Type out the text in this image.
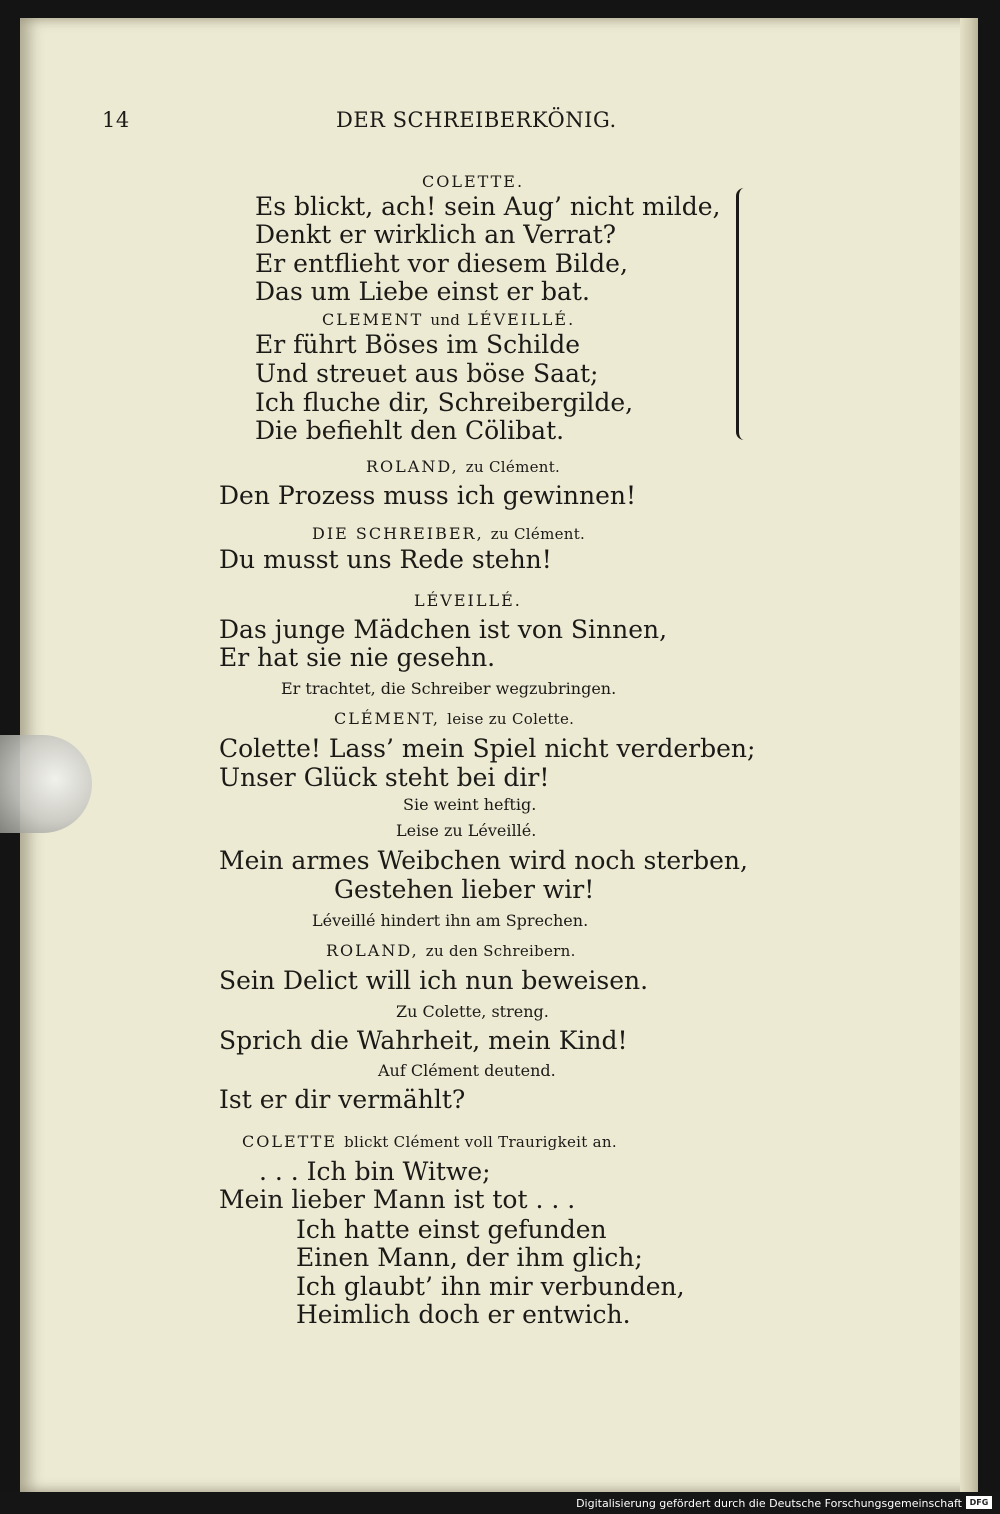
14	DER SCHREIBERKÖNIG.
COLETTE.
Es blickt, ach! sein Aug’ nicht milde,
Denkt er wirklich an Verrat?
Er entflieht vor diesem Bilde,
Das um Liebe einst er bat.
CLEMENT und LÉVEILLÉ.
Er führt Böses im Schilde
Und streuet aus böse Saat;
Ich fluche dir, Schreibergilde,
Die befiehlt den Cölibat.
ROLAND, zu Clément.
Den Prozess muss ich gewinnen!
DIE SCHREIBER, zu Clément.
Du musst uns Rede stehn!
LÉVEILLÉ.
Das junge Mädchen ist von Sinnen,
Er hat sie nie gesehn.
Er trachtet, die Schreiber wegzubringen.
CLÉMENT, leise zu Colette.
Colette! Lass’ mein Spiel nicht verderben;
Unser Glück steht bei dir!
Sie weint heftig.
Leise zu Léveillé.
Mein armes Weibchen wird noch sterben,
Gestehen lieber wir!
Léveillé hindert ihn am Sprechen.
ROLAND, zu den Schreibern.
Sein Delict will ich nun beweisen.
Zu Colette, streng.
Sprich die Wahrheit, mein Kind!
Auf Clément deutend.
Ist er dir vermählt?
COLETTE blickt Clément voll Traurigkeit an.
. . . Ich bin Witwe;
Mein lieber Mann ist tot . . .
Ich hatte einst gefunden
Einen Mann, der ihm glich;
Ich glaubt’ ihn mir verbunden,
Heimlich doch er entwich.
Digitalisierung gefördert durch die Deutsche Forschungsgemeinschaft DFG
